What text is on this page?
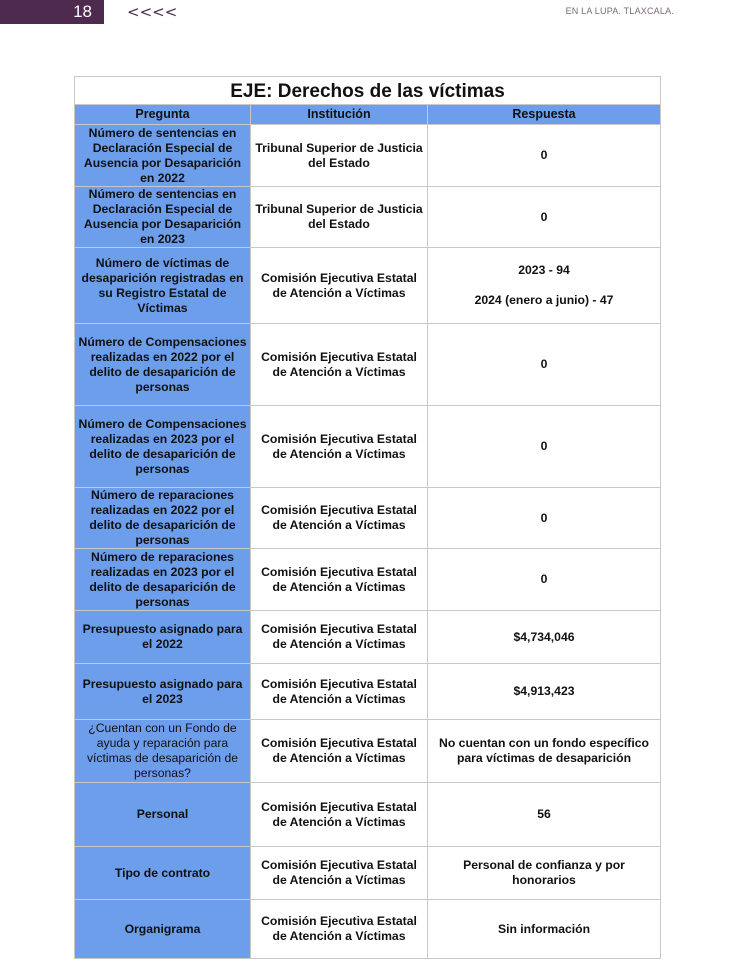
18 <<<<	EN LA LUPA. TLAXCALA.
EJE: Derechos de las víctimas		
Pregunta	Institución	Respuesta
Número de sentencias en Declaración Especial de Ausencia por Desaparición en 2022	Tribunal Superior de Justicia del Estado	0
Número de sentencias en Declaración Especial de Ausencia por Desaparición en 2023	Tribunal Superior de Justicia del Estado	0
Número de víctimas de desaparición registradas en su Registro Estatal de Víctimas	Comisión Ejecutiva Estatal de Atención a Víctimas	2023 - 94
2024 (enero a junio) - 47
Número de Compensaciones realizadas en 2022 por el delito de desaparición de personas	Comisión Ejecutiva Estatal de Atención a Víctimas	0
Número de Compensaciones realizadas en 2023 por el delito de desaparición de personas	Comisión Ejecutiva Estatal de Atención a Víctimas	0
Número de reparaciones realizadas en 2022 por el delito de desaparición de personas	Comisión Ejecutiva Estatal de Atención a Víctimas	0
Número de reparaciones realizadas en 2023 por el delito de desaparición de personas	Comisión Ejecutiva Estatal de Atención a Víctimas	0
Presupuesto asignado para el 2022	Comisión Ejecutiva Estatal de Atención a Víctimas	$4,734,046
Presupuesto asignado para el 2023	Comisión Ejecutiva Estatal de Atención a Víctimas	$4,913,423
¿Cuentan con un Fondo de ayuda y reparación para víctimas de desaparición de personas?	Comisión Ejecutiva Estatal de Atención a Víctimas	No cuentan con un fondo específico para víctimas de desaparición
Personal	Comisión Ejecutiva Estatal de Atención a Víctimas	56
Tipo de contrato	Comisión Ejecutiva Estatal de Atención a Víctimas	Personal de confianza y por honorarios
Organigrama	Comisión Ejecutiva Estatal de Atención a Víctimas	Sin información
